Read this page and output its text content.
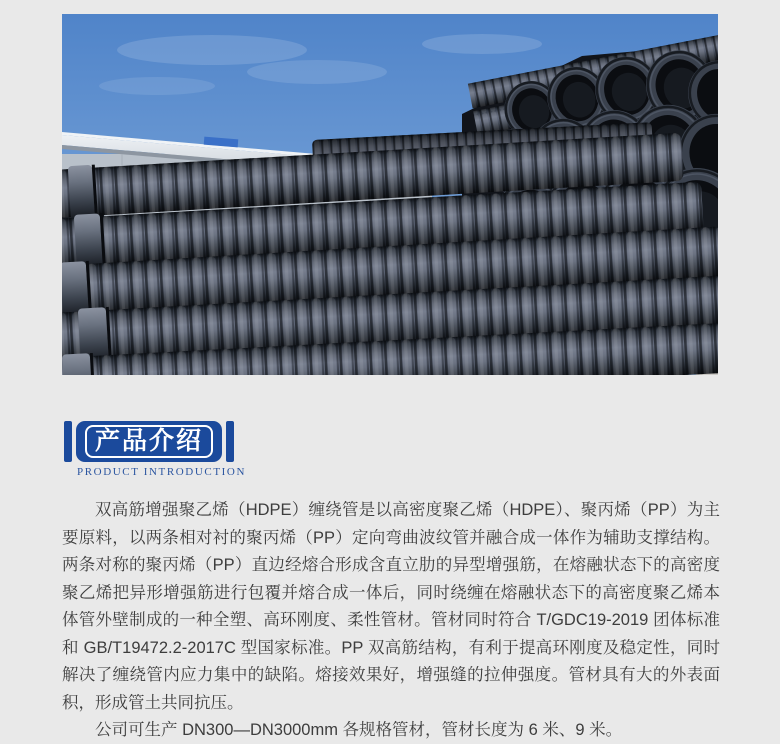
产品介绍
PRODUCT INTRODUCTION

双高筋增强聚乙烯（HDPE）缠绕管是以高密度聚乙烯（HDPE）、聚丙烯（PP）为主要原料，以两条相对衬的聚丙烯（PP）定向弯曲波纹管并融合成一体作为辅助支撑结构。两条对称的聚丙烯（PP）直边经熔合形成含直立肋的异型增强筋，在熔融状态下的高密度聚乙烯把异形增强筋进行包覆并熔合成一体后，同时绕缠在熔融状态下的高密度聚乙烯本体管外壁制成的一种全塑、高环刚度、柔性管材。管材同时符合 T/GDC19-2019 团体标准和 GB/T19472.2-2017C 型国家标准。PP 双高筋结构，有利于提高环刚度及稳定性，同时解决了缠绕管内应力集中的缺陷。熔接效果好，增强缝的拉伸强度。管材具有大的外表面积，形成管土共同抗压。

公司可生产 DN300—DN3000mm 各规格管材，管材长度为 6 米、9 米。
